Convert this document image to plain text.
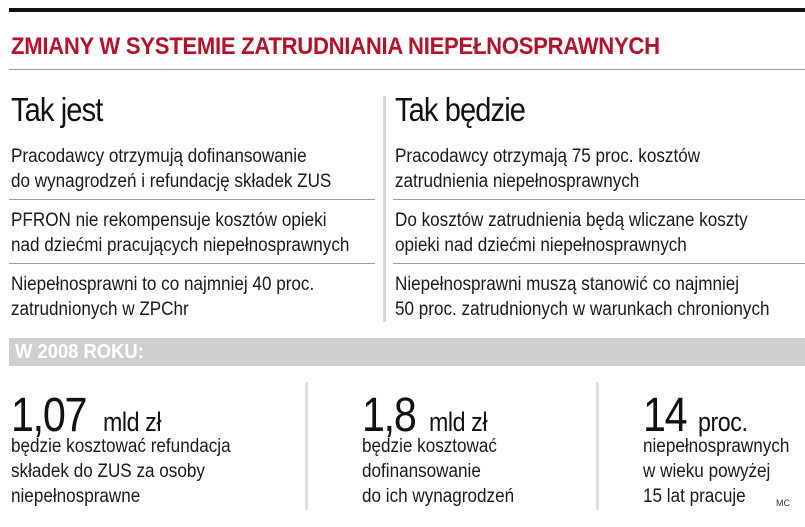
ZMIANY W SYSTEMIE ZATRUDNIANIA NIEPEŁNOSPRAWNYCH
Tak jest	Tak będzie
Pracodawcy otrzymują dofinansowanie
do wynagrodzeń i refundację składek ZUS
Pracodawcy otrzymają 75 proc. kosztów
zatrudnienia niepełnosprawnych
PFRON nie rekompensuje kosztów opieki
nad dziećmi pracujących niepełnosprawnych
Do kosztów zatrudnienia będą wliczane koszty
opieki nad dziećmi niepełnosprawnych
Niepełnosprawni to co najmniej 40 proc.
zatrudnionych w ZPChr
Niepełnosprawni muszą stanowić co najmniej
50 proc. zatrudnionych w warunkach chronionych
W 2008 ROKU:
1,07 mld zł
będzie kosztować refundacja
składek do ZUS za osoby
niepełnosprawne
1,8 mld zł
będzie kosztować
dofinansowanie
do ich wynagrodzeń
14 proc.
niepełnosprawnych
w wieku powyżej
15 lat pracuje	MC
